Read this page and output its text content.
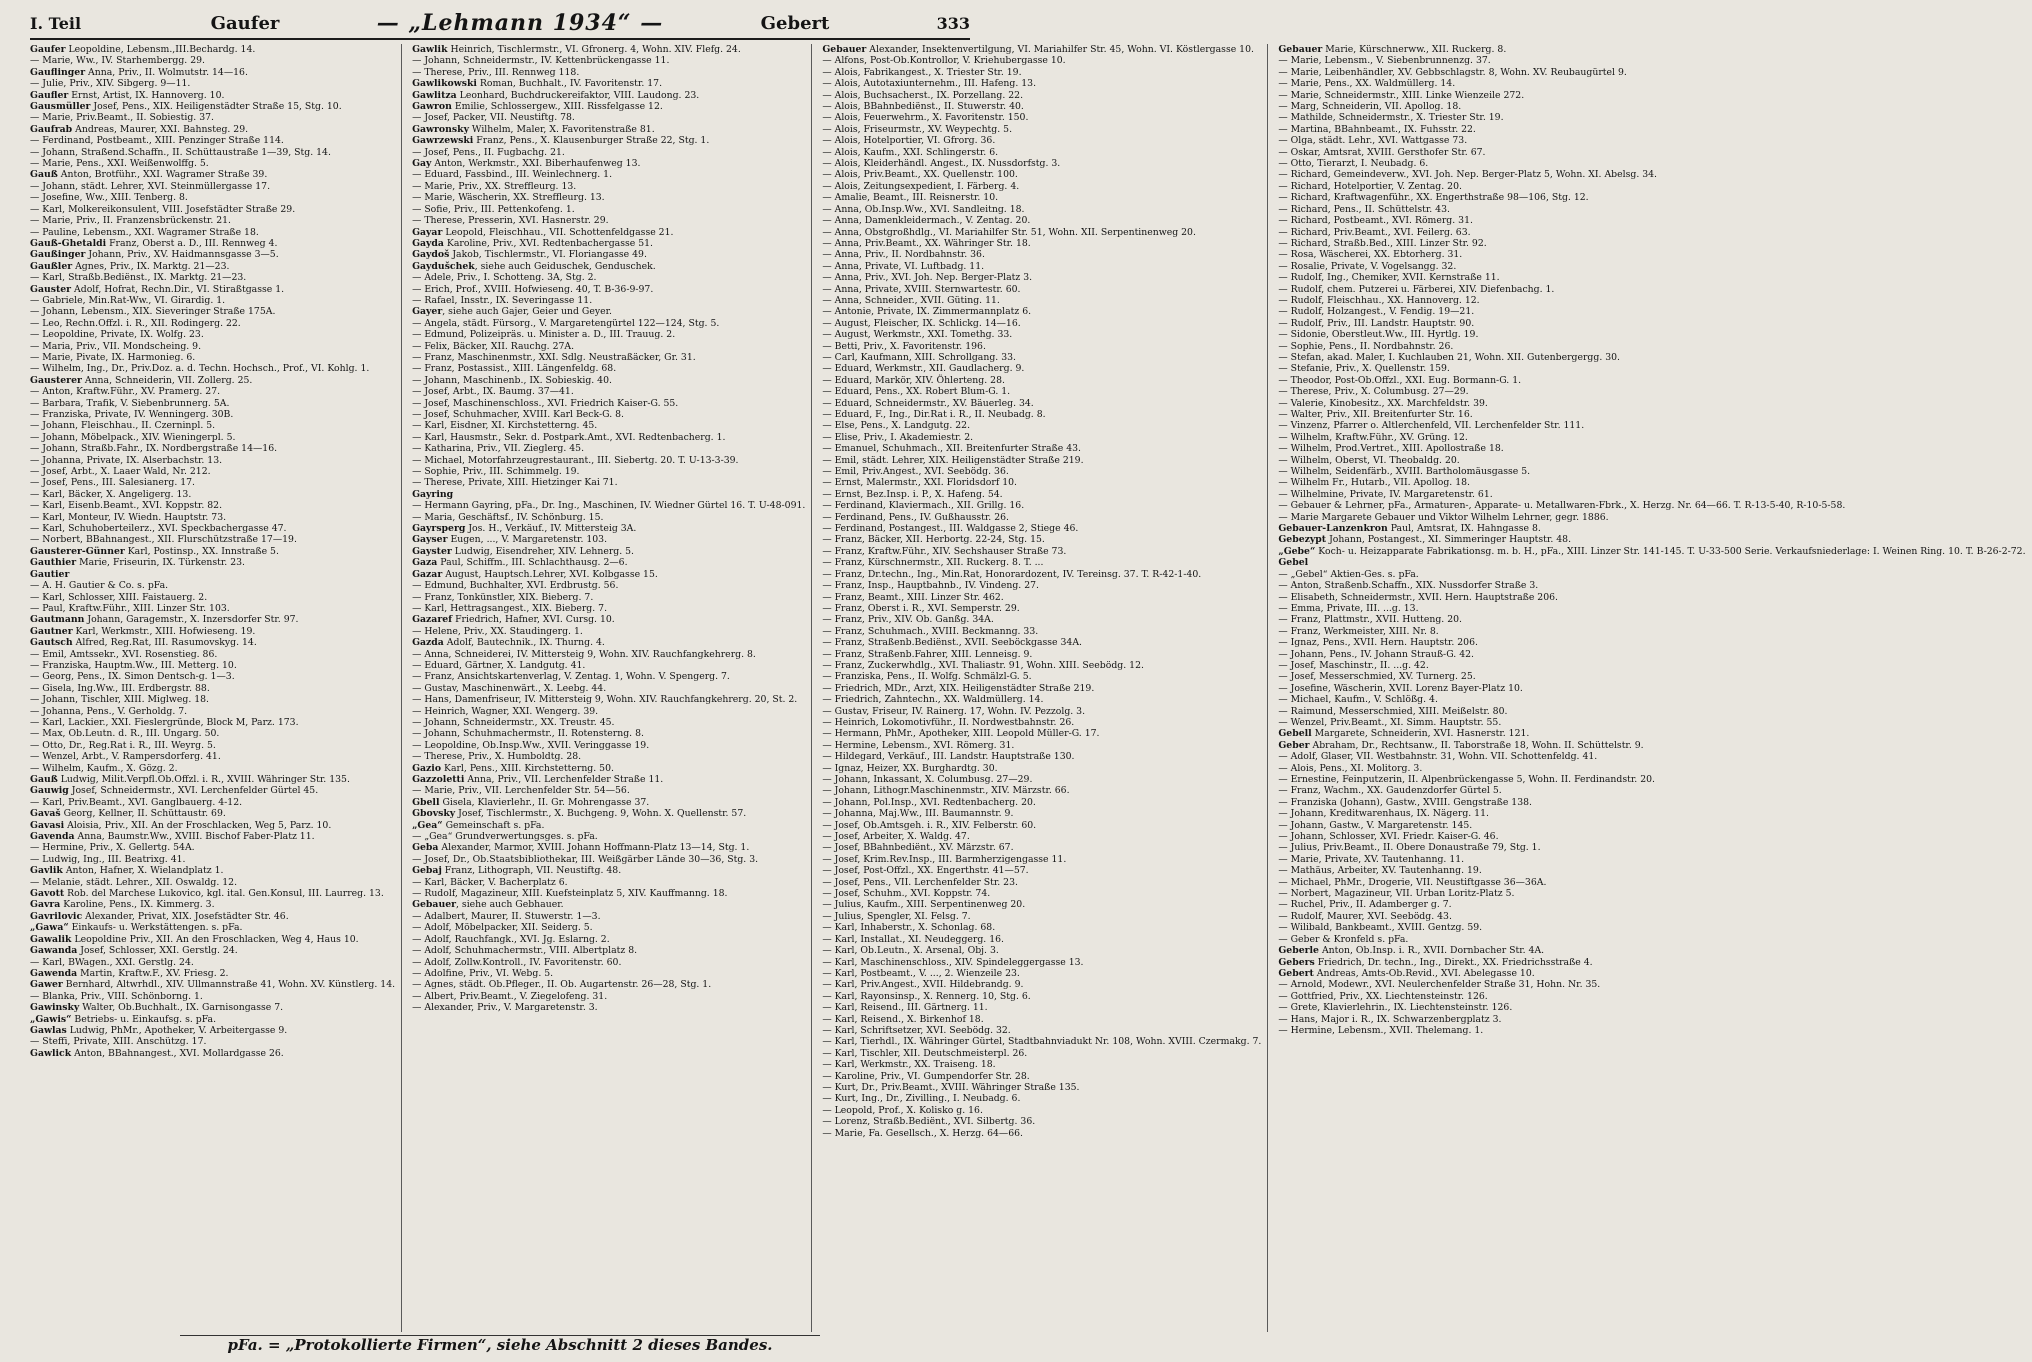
I. Teil	Gaufer	— „Lehmann 1934“ —	Gebert	333
Gaufer Leopoldine, Lebensm.,III.Bechardg. 14.
— Marie, Ww., IV. Starhembergg. 29.
Gauflinger Anna, Priv., II. Wolmutstr. 14—16.
— Julie, Priv., XIV. Sibgerg. 9—11.
Gaufler Ernst, Artist, IX. Hannoverg. 10.
Gausmüller Josef, Pens., XIX. Heiligenstädter Straße 15, Stg. 10.
— Marie, Priv.Beamt., II. Sobiestig. 37.
Gaufrab Andreas, Maurer, XXI. Bahnsteg. 29.
— Ferdinand, Postbeamt., XIII. Penzinger Straße 114.
— Johann, Straßend.Schaffn., II. Schüttaustraße 1—39, Stg. 14.
— Marie, Pens., XXI. Weißenwolffg. 5.
Gauß Anton, Brotführ., XXI. Wagramer Straße 39.
— Johann, städt. Lehrer, XVI. Steinmüllergasse 17.
— Josefine, Ww., XIII. Tenberg. 8.
— Karl, Molkereikonsulent, VIII. Josefstädter Straße 29.
— Marie, Priv., II. Franzensbrückenstr. 21.
— Pauline, Lebensm., XXI. Wagramer Straße 18.
Gauß-Ghetaldi Franz, Oberst a. D., III. Rennweg 4.
Gaußinger Johann, Priv., XV. Haidmannsgasse 3—5.
Gaußler Agnes, Priv., IX. Marktg. 21—23.
— Karl, Straßb.Bediënst., IX. Marktg. 21—23.
Gauster Adolf, Hofrat, Rechn.Dir., VI. Stiraßtgasse 1.
— Gabriele, Min.Rat-Ww., VI. Girardig. 1.
— Johann, Lebensm., XIX. Sieveringer Straße 175A.
— Leo, Rechn.Offzl. i. R., XII. Rodingerg. 22.
— Leopoldine, Private, IX. Wolfg. 23.
— Maria, Priv., VII. Mondscheing. 9.
— Marie, Pivate, IX. Harmonieg. 6.
— Wilhelm, Ing., Dr., Priv.Doz. a. d. Techn. Hochsch., Prof., VI. Kohlg. 1.
Gausterer Anna, Schneiderin, VII. Zollerg. 25.
— Anton, Kraftw.Führ., XV. Pramerg. 27.
— Barbara, Trafik, V. Siebenbrunnerg. 5A.
— Franziska, Private, IV. Wenningerg. 30B.
— Johann, Fleischhau., II. Czerninpl. 5.
— Johann, Möbelpack., XIV. Wieningerpl. 5.
— Johann, Straßb.Fahr., IX. Nordbergstraße 14—16.
— Johanna, Private, IX. Alserbachstr. 13.
— Josef, Arbt., X. Laaer Wald, Nr. 212.
— Josef, Pens., III. Salesianerg. 17.
— Karl, Bäcker, X. Angeligerg. 13.
— Karl, Eisenb.Beamt., XVI. Koppstr. 82.
— Karl, Monteur, IV. Wiedn. Hauptstr. 73.
— Karl, Schuhoberteilerz., XVI. Speckbachergasse 47.
— Norbert, BBahnangest., XII. Flurschützstraße 17—19.
Gausterer-Günner Karl, Postinsp., XX. Innstraße 5.
Gauthier Marie, Friseurin, IX. Türkenstr. 23.
Gautier
— A. H. Gautier & Co. s. pFa.
— Karl, Schlosser, XIII. Faistauerg. 2.
— Paul, Kraftw.Führ., XIII. Linzer Str. 103.
Gautmann Johann, Garagemstr., X. Inzersdorfer Str. 97.
Gautner Karl, Werkmstr., XIII. Hofwieseng. 19.
Gautsch Alfred, Reg.Rat, III. Rasumovskyg. 14.
— Emil, Amtssekr., XVI. Rosenstieg. 86.
— Franziska, Hauptm.Ww., III. Metterg. 10.
— Georg, Pens., IX. Simon Dentsch-g. 1—3.
— Gisela, Ing.Ww., III. Erdbergstr. 88.
— Johann, Tischler, XIII. Miglweg. 18.
— Johanna, Pens., V. Gerholdg. 7.
— Karl, Lackier., XXI. Fieslergründe, Block M, Parz. 173.
— Max, Ob.Leutn. d. R., III. Ungarg. 50.
— Otto, Dr., Reg.Rat i. R., III. Weyrg. 5.
— Wenzel, Arbt., V. Rampersdorferg. 41.
— Wilhelm, Kaufm., X. Gözg. 2.
Gauß Ludwig, Milit.Verpfl.Ob.Offzl. i. R., XVIII. Währinger Str. 135.
Gauwig Josef, Schneidermstr., XVI. Lerchenfelder Gürtel 45.
— Karl, Priv.Beamt., XVI. Ganglbauerg. 4-12.
Gavaš Georg, Kellner, II. Schüttaustr. 69.
Gavasi Aloisia, Priv., XII. An der Froschlacken, Weg 5, Parz. 10.
Gavenda Anna, Baumstr.Ww., XVIII. Bischof Faber-Platz 11.
— Hermine, Priv., X. Gellertg. 54A.
— Ludwig, Ing., III. Beatrixg. 41.
Gavlik Anton, Hafner, X. Wielandplatz 1.
— Melanie, städt. Lehrer., XII. Oswaldg. 12.
Gavott Rob. del Marchese Lukovico, kgl. ital. Gen.Konsul, III. Laurreg. 13.
Gavra Karoline, Pens., IX. Kimmerg. 3.
Gavrilovic Alexander, Privat, XIX. Josefstädter Str. 46.
„Gawa“ Einkaufs- u. Werkstättengen. s. pFa.
Gawalik Leopoldine Priv., XII. An den Froschlacken, Weg 4, Haus 10.
Gawanda Josef, Schlosser, XXI. Gerstlg. 24.
— Karl, BWagen., XXI. Gerstlg. 24.
Gawenda Martin, Kraftw.F., XV. Friesg. 2.
Gawer Bernhard, Altwrhdl., XIV. Ullmannstraße 41, Wohn. XV. Künstlerg. 14.
— Blanka, Priv., VIII. Schönborng. 1.
Gawinsky Walter, Ob.Buchhalt., IX. Garnisongasse 7.
„Gawis“ Betriebs- u. Einkaufsg. s. pFa.
Gawlas Ludwig, PhMr., Apotheker, V. Arbeitergasse 9.
— Steffi, Private, XIII. Anschützg. 17.
Gawlick Anton, BBahnangest., XVI. Mollardgasse 26.
Gawlik Heinrich, Tischlermstr., VI. Gfronerg. 4, Wohn. XIV. Flefg. 24.
— Johann, Schneidermstr., IV. Kettenbrückengasse 11.
— Therese, Priv., III. Rennweg 118.
Gawlikowski Roman, Buchhalt., IV. Favoritenstr. 17.
Gawlitza Leonhard, Buchdruckereifaktor, VIII. Laudong. 23.
Gawron Emilie, Schlossergew., XIII. Rissfelgasse 12.
— Josef, Packer, VII. Neustiftg. 78.
Gawronsky Wilhelm, Maler, X. Favoritenstraße 81.
Gawrzewski Franz, Pens., X. Klausenburger Straße 22, Stg. 1.
— Josef, Pens., II. Fugbachg. 21.
Gay Anton, Werkmstr., XXI. Biberhaufenweg 13.
— Eduard, Fassbind., III. Weinlechnerg. 1.
— Marie, Priv., XX. Streffleurg. 13.
— Marie, Wäscherin, XX. Streffleurg. 13.
— Sofie, Priv., III. Pettenkofeng. 1.
— Therese, Presserin, XVI. Hasnerstr. 29.
Gayar Leopold, Fleischhau., VII. Schottenfeldgasse 21.
Gayda Karoline, Priv., XVI. Redtenbachergasse 51.
Gaydoš Jakob, Tischlermstr., VI. Floriangasse 49.
Gaydušchek, siehe auch Geiduschek, Genduschek.
— Adele, Priv., I. Schotteng. 3A, Stg. 2.
— Erich, Prof., XVIII. Hofwieseng. 40, T. B-36-9-97.
— Rafael, Insstr., IX. Severingasse 11.
Gayer, siehe auch Gajer, Geier und Geyer.
— Angela, städt. Fürsorg., V. Margaretengürtel 122—124, Stg. 5.
— Edmund, Polizeipräs. u. Minister a. D., III. Trauug. 2.
— Felix, Bäcker, XII. Rauchg. 27A.
— Franz, Maschinenmstr., XXI. Sdlg. Neustraßäcker, Gr. 31.
— Franz, Postassist., XIII. Längenfeldg. 68.
— Johann, Maschinenb., IX. Sobieskig. 40.
— Josef, Arbt., IX. Baumg. 37—41.
— Josef, Maschinenschloss., XVI. Friedrich Kaiser-G. 55.
— Josef, Schuhmacher, XVIII. Karl Beck-G. 8.
— Karl, Eisdner, XI. Kirchstetterng. 45.
— Karl, Hausmstr., Sekr. d. Postpark.Amt., XVI. Redtenbacherg. 1.
— Katharina, Priv., VII. Zieglerg. 45.
— Michael, Motorfahrzeugrestaurant., III. Siebertg. 20. T. U-13-3-39.
— Sophie, Priv., III. Schimmelg. 19.
— Therese, Private, XIII. Hietzinger Kai 71.
Gayring
— Hermann Gayring, pFa., Dr. Ing., Maschinen, IV. Wiedner Gürtel 16. T. U-48-091.
— Maria, Geschäftsf., IV. Schönburg. 15.
Gayrsperg Jos. H., Verkäuf., IV. Mittersteig 3A.
Gayser Eugen, ..., V. Margaretenstr. 103.
Gayster Ludwig, Eisendreher, XIV. Lehnerg. 5.
Gaza Paul, Schiffm., III. Schlachthausg. 2—6.
Gazar August, Hauptsch.Lehrer, XVI. Kolbgasse 15.
— Edmund, Buchhalter, XVI. Erdbrustg. 56.
— Franz, Tonkünstler, XIX. Bieberg. 7.
— Karl, Hettragsangest., XIX. Bieberg. 7.
Gazaref Friedrich, Hafner, XVI. Cursg. 10.
— Helene, Priv., XX. Staudingerg. 1.
Gazda Adolf, Bautechnik., IX. Thurng. 4.
— Anna, Schneiderei, IV. Mittersteig 9, Wohn. XIV. Rauchfangkehrerg. 8.
— Eduard, Gärtner, X. Landgutg. 41.
— Franz, Ansichtskartenverlag, V. Zentag. 1, Wohn. V. Spengerg. 7.
— Gustav, Maschinenwärt., X. Leebg. 44.
— Hans, Damenfriseur, IV. Mittersteig 9, Wohn. XIV. Rauchfangkehrerg. 20, St. 2.
— Heinrich, Wagner, XXI. Wengerg. 39.
— Johann, Schneidermstr., XX. Treustr. 45.
— Johann, Schuhmachermstr., II. Rotensterng. 8.
— Leopoldine, Ob.Insp.Ww., XVII. Veringgasse 19.
— Therese, Priv., X. Humboldtg. 28.
Gazio Karl, Pens., XIII. Kirchstetterng. 50.
Gazzoletti Anna, Priv., VII. Lerchenfelder Straße 11.
— Marie, Priv., VII. Lerchenfelder Str. 54—56.
Gbell Gisela, Klavierlehr., II. Gr. Mohrengasse 37.
Gbovsky Josef, Tischlermstr., X. Buchgeng. 9, Wohn. X. Quellenstr. 57.
„Gea“ Gemeinschaft s. pFa.
— „Gea“ Grundverwertungsges. s. pFa.
Geba Alexander, Marmor, XVIII. Johann Hoffmann-Platz 13—14, Stg. 1.
— Josef, Dr., Ob.Staatsbibliothekar, III. Weißgärber Lände 30—36, Stg. 3.
Gebaj Franz, Lithograph, VII. Neustiftg. 48.
— Karl, Bäcker, V. Bacherplatz 6.
— Rudolf, Magazineur, XIII. Kuefsteinplatz 5, XIV. Kauffmanng. 18.
Gebauer, siehe auch Gebhauer.
— Adalbert, Maurer, II. Stuwerstr. 1—3.
— Adolf, Möbelpacker, XII. Seiderg. 5.
— Adolf, Rauchfangk., XVI. Jg. Eslarng. 2.
— Adolf, Schuhmachermstr., VIII. Albertplatz 8.
— Adolf, Zollw.Kontroll., IV. Favoritenstr. 60.
— Adolfine, Priv., VI. Webg. 5.
— Agnes, städt. Ob.Pfleger., II. Ob. Augartenstr. 26—28, Stg. 1.
— Albert, Priv.Beamt., V. Ziegelofeng. 31.
— Alexander, Priv., V. Margaretenstr. 3.
Gebauer Alexander, Insektenvertilgung, VI. Mariahilfer Str. 45, Wohn. VI. Köstlergasse 10.
— Alfons, Post-Ob.Kontrollor, V. Kriehubergasse 10.
— Alois, Fabrikangest., X. Triester Str. 19.
— Alois, Autotaxiunternehm., III. Hafeng. 13.
— Alois, Buchsacherst., IX. Porzellang. 22.
— Alois, BBahnbediënst., II. Stuwerstr. 40.
— Alois, Feuerwehrm., X. Favoritenstr. 150.
— Alois, Friseurmstr., XV. Weypechtg. 5.
— Alois, Hotelportier, VI. Gfrorg. 36.
— Alois, Kaufm., XXI. Schlingerstr. 6.
— Alois, Kleiderhändl. Angest., IX. Nussdorfstg. 3.
— Alois, Priv.Beamt., XX. Quellenstr. 100.
— Alois, Zeitungsexpedient, I. Färberg. 4.
— Amalie, Beamt., III. Reisnerstr. 10.
— Anna, Ob.Insp.Ww., XVI. Sandleitng. 18.
— Anna, Damenkleidermach., V. Zentag. 20.
— Anna, Obstgroßhdlg., VI. Mariahilfer Str. 51, Wohn. XII. Serpentinenweg 20.
— Anna, Priv.Beamt., XX. Währinger Str. 18.
— Anna, Priv., II. Nordbahnstr. 36.
— Anna, Private, VI. Luftbadg. 11.
— Anna, Priv., XVI. Joh. Nep. Berger-Platz 3.
— Anna, Private, XVIII. Sternwartestr. 60.
— Anna, Schneider., XVII. Güting. 11.
— Antonie, Private, IX. Zimmermannplatz 6.
— August, Fleischer, IX. Schlickg. 14—16.
— August, Werkmstr., XXI. Tomethg. 33.
— Betti, Priv., X. Favoritenstr. 196.
— Carl, Kaufmann, XIII. Schrollgang. 33.
— Eduard, Werkmstr., XII. Gaudlacherg. 9.
— Eduard, Markör, XIV. Öhlerteng. 28.
— Eduard, Pens., XX. Robert Blum-G. 1.
— Eduard, Schneidermstr., XV. Bäuerleg. 34.
— Eduard, F., Ing., Dir.Rat i. R., II. Neubadg. 8.
— Else, Pens., X. Landgutg. 22.
— Elise, Priv., I. Akademiestr. 2.
— Emanuel, Schuhmach., XII. Breitenfurter Straße 43.
— Emil, städt. Lehrer, XIX. Heiligenstädter Straße 219.
— Emil, Priv.Angest., XVI. Seebödg. 36.
— Ernst, Malermstr., XXI. Floridsdorf 10.
— Ernst, Bez.Insp. i. P., X. Hafeng. 54.
— Ferdinand, Klaviermach., XII. Grillg. 16.
— Ferdinand, Pens., IV. Gußhausstr. 26.
— Ferdinand, Postangest., III. Waldgasse 2, Stiege 46.
— Franz, Bäcker, XII. Herbortg. 22-24, Stg. 15.
— Franz, Kraftw.Führ., XIV. Sechshauser Straße 73.
— Franz, Kürschnermstr., XII. Ruckerg. 8. T. ...
— Franz, Dr.techn., Ing., Min.Rat, Honorardozent, IV. Tereinsg. 37. T. R-42-1-40.
— Franz, Insp., Hauptbahnb., IV. Vindeng. 27.
— Franz, Beamt., XIII. Linzer Str. 462.
— Franz, Oberst i. R., XVI. Semperstr. 29.
— Franz, Priv., XIV. Ob. Ganßg. 34A.
— Franz, Schuhmach., XVIII. Beckmanng. 33.
— Franz, Straßenb.Bediënst., XVII. Seeböckgasse 34A.
— Franz, Straßenb.Fahrer, XIII. Lenneisg. 9.
— Franz, Zuckerwhdlg., XVI. Thaliastr. 91, Wohn. XIII. Seebödg. 12.
— Franziska, Pens., II. Wolfg. Schmälzl-G. 5.
— Friedrich, MDr., Arzt, XIX. Heiligenstädter Straße 219.
— Friedrich, Zahntechn., XX. Waldmüllerg. 14.
— Gustav, Friseur, IV. Rainerg. 17, Wohn. IV. Pezzolg. 3.
— Heinrich, Lokomotivführ., II. Nordwestbahnstr. 26.
— Hermann, PhMr., Apotheker, XIII. Leopold Müller-G. 17.
— Hermine, Lebensm., XVI. Römerg. 31.
— Hildegard, Verkäuf., III. Landstr. Hauptstraße 130.
— Ignaz, Heizer, XX. Burghardtg. 30.
— Johann, Inkassant, X. Columbusg. 27—29.
— Johann, Lithogr.Maschinenmstr., XIV. Märzstr. 66.
— Johann, Pol.Insp., XVI. Redtenbacherg. 20.
— Johanna, Maj.Ww., III. Baumannstr. 9.
— Josef, Ob.Amtsgeh. i. R., XIV. Felberstr. 60.
— Josef, Arbeiter, X. Waldg. 47.
— Josef, BBahnbediënt., XV. Märzstr. 67.
— Josef, Krim.Rev.Insp., III. Barmherzigengasse 11.
— Josef, Post-Offzl., XX. Engerthstr. 41—57.
— Josef, Pens., VII. Lerchenfelder Str. 23.
— Josef, Schuhm., XVI. Koppstr. 74.
— Julius, Kaufm., XIII. Serpentinenweg 20.
— Julius, Spengler, XI. Felsg. 7.
— Karl, Inhaberstr., X. Schonlag. 68.
— Karl, Installat., XI. Neudeggerg. 16.
— Karl, Ob.Leutn., X. Arsenal, Obj. 3.
— Karl, Maschinenschloss., XIV. Spindeleggergasse 13.
— Karl, Postbeamt., V. ..., 2. Wienzeile 23.
— Karl, Priv.Angest., XVII. Hildebrandg. 9.
— Karl, Rayonsinsp., X. Rennerg. 10, Stg. 6.
— Karl, Reisend., III. Gärtnerg. 11.
— Karl, Reisend., X. Birkenhof 18.
— Karl, Schriftsetzer, XVI. Seebödg. 32.
— Karl, Tierhdl., IX. Währinger Gürtel, Stadtbahnviadukt Nr. 108, Wohn. XVIII. Czermakg. 7.
— Karl, Tischler, XII. Deutschmeisterpl. 26.
— Karl, Werkmstr., XX. Traiseng. 18.
— Karoline, Priv., VI. Gumpendorfer Str. 28.
— Kurt, Dr., Priv.Beamt., XVIII. Währinger Straße 135.
— Kurt, Ing., Dr., Zivilling., I. Neubadg. 6.
— Leopold, Prof., X. Kolisko g. 16.
— Lorenz, Straßb.Bediënt., XVI. Silbertg. 36.
— Marie, Fa. Gesellsch., X. Herzg. 64—66.
Gebauer Marie, Kürschnerww., XII. Ruckerg. 8.
— Marie, Lebensm., V. Siebenbrunnenzg. 37.
— Marie, Leibenhändler, XV. Gebbschlagstr. 8, Wohn. XV. Reubaugürtel 9.
— Marie, Pens., XX. Waldmüllerg. 14.
— Marie, Schneidermstr., XIII. Linke Wienzeile 272.
— Marg, Schneiderin, VII. Apollog. 18.
— Mathilde, Schneidermstr., X. Triester Str. 19.
— Martina, BBahnbeamt., IX. Fuhsstr. 22.
— Olga, städt. Lehr., XVI. Wattgasse 73.
— Oskar, Amtsrat, XVIII. Gersthofer Str. 67.
— Otto, Tierarzt, I. Neubadg. 6.
— Richard, Gemeindeverw., XVI. Joh. Nep. Berger-Platz 5, Wohn. XI. Abelsg. 34.
— Richard, Hotelportier, V. Zentag. 20.
— Richard, Kraftwagenführ., XX. Engerthstraße 98—106, Stg. 12.
— Richard, Pens., II. Schüttelstr. 43.
— Richard, Postbeamt., XVI. Römerg. 31.
— Richard, Priv.Beamt., XVI. Feilerg. 63.
— Richard, Straßb.Bed., XIII. Linzer Str. 92.
— Rosa, Wäscherei, XX. Ebtorherg. 31.
— Rosalie, Private, V. Vogelsangg. 32.
— Rudolf, Ing., Chemiker, XVII. Kernstraße 11.
— Rudolf, chem. Putzerei u. Färberei, XIV. Diefenbachg. 1.
— Rudolf, Fleischhau., XX. Hannoverg. 12.
— Rudolf, Holzangest., V. Fendig. 19—21.
— Rudolf, Priv., III. Landstr. Hauptstr. 90.
— Sidonie, Oberstleut.Ww., III. Hyrtlg. 19.
— Sophie, Pens., II. Nordbahnstr. 26.
— Stefan, akad. Maler, I. Kuchlauben 21, Wohn. XII. Gutenbergergg. 30.
— Stefanie, Priv., X. Quellenstr. 159.
— Theodor, Post-Ob.Offzl., XXI. Eug. Bormann-G. 1.
— Therese, Priv., X. Columbusg. 27—29.
— Valerie, Kinobesitz., XX. Marchfeldstr. 39.
— Walter, Priv., XII. Breitenfurter Str. 16.
— Vinzenz, Pfarrer o. Altlerchenfeld, VII. Lerchenfelder Str. 111.
— Wilhelm, Kraftw.Führ., XV. Grüng. 12.
— Wilhelm, Prod.Vertret., XIII. Apollostraße 18.
— Wilhelm, Oberst, VI. Theobaldg. 20.
— Wilhelm, Seidenfärb., XVIII. Bartholomäusgasse 5.
— Wilhelm Fr., Hutarb., VII. Apollog. 18.
— Wilhelmine, Private, IV. Margaretenstr. 61.
— Gebauer & Lehrner, pFa., Armaturen-, Apparate- u. Metallwaren-Fbrk., X. Herzg. Nr. 64—66. T. R-13-5-40, R-10-5-58.
— Marie Margarete Gebauer und Viktor Wilhelm Lehrner, gegr. 1886.
Gebauer-Lanzenkron Paul, Amtsrat, IX. Hahngasse 8.
Gebezypt Johann, Postangest., XI. Simmeringer Hauptstr. 48.
„Gebe“ Koch- u. Heizapparate Fabrikationsg. m. b. H., pFa., XIII. Linzer Str. 141-145. T. U-33-500 Serie. Verkaufsniederlage: I. Weinen Ring. 10. T. B-26-2-72.
Gebel
— „Gebel“ Aktien-Ges. s. pFa.
— Anton, Straßenb.Schaffn., XIX. Nussdorfer Straße 3.
— Elisabeth, Schneidermstr., XVII. Hern. Hauptstraße 206.
— Emma, Private, III. ...g. 13.
— Franz, Plattmstr., XVII. Hutteng. 20.
— Franz, Werkmeister, XIII. Nr. 8.
— Ignaz, Pens., XVII. Hern. Hauptstr. 206.
— Johann, Pens., IV. Johann Strauß-G. 42.
— Josef, Maschinstr., II. ...g. 42.
— Josef, Messerschmied, XV. Turnerg. 25.
— Josefine, Wäscherin, XVII. Lorenz Bayer-Platz 10.
— Michael, Kaufm., V. Schlößg. 4.
— Raimund, Messerschmied, XIII. Meißelstr. 80.
— Wenzel, Priv.Beamt., XI. Simm. Hauptstr. 55.
Gebell Margarete, Schneiderin, XVI. Hasnerstr. 121.
Geber Abraham, Dr., Rechtsanw., II. Taborstraße 18, Wohn. II. Schüttelstr. 9.
— Adolf, Glaser, VII. Westbahnstr. 31, Wohn. VII. Schottenfeldg. 41.
— Alois, Pens., XI. Molitorg. 3.
— Ernestine, Feinputzerin, II. Alpenbrückengasse 5, Wohn. II. Ferdinandstr. 20.
— Franz, Wachm., XX. Gaudenzdorfer Gürtel 5.
— Franziska (Johann), Gastw., XVIII. Gengstraße 138.
— Johann, Kreditwarenhaus, IX. Nägerg. 11.
— Johann, Gastw., V. Margaretenstr. 145.
— Johann, Schlosser, XVI. Friedr. Kaiser-G. 46.
— Julius, Priv.Beamt., II. Obere Donaustraße 79, Stg. 1.
— Marie, Private, XV. Tautenhanng. 11.
— Mathäus, Arbeiter, XV. Tautenhanng. 19.
— Michael, PhMr., Drogerie, VII. Neustiftgasse 36—36A.
— Norbert, Magazineur, VII. Urban Loritz-Platz 5.
— Ruchel, Priv., II. Adamberger g. 7.
— Rudolf, Maurer, XVI. Seebödg. 43.
— Wilibald, Bankbeamt., XVIII. Gentzg. 59.
— Geber & Kronfeld s. pFa.
Geberle Anton, Ob.Insp. i. R., XVII. Dornbacher Str. 4A.
Gebers Friedrich, Dr. techn., Ing., Direkt., XX. Friedrichsstraße 4.
Gebert Andreas, Amts-Ob.Revid., XVI. Abelegasse 10.
— Arnold, Modewr., XVI. Neulerchenfelder Straße 31, Hohn. Nr. 35.
— Gottfried, Priv., XX. Liechtensteinstr. 126.
— Grete, Klavierlehrin., IX. Liechtensteinstr. 126.
— Hans, Major i. R., IX. Schwarzenbergplatz 3.
— Hermine, Lebensm., XVII. Thelemang. 1.
pFa. = „Protokollierte Firmen“, siehe Abschnitt 2 dieses Bandes.
